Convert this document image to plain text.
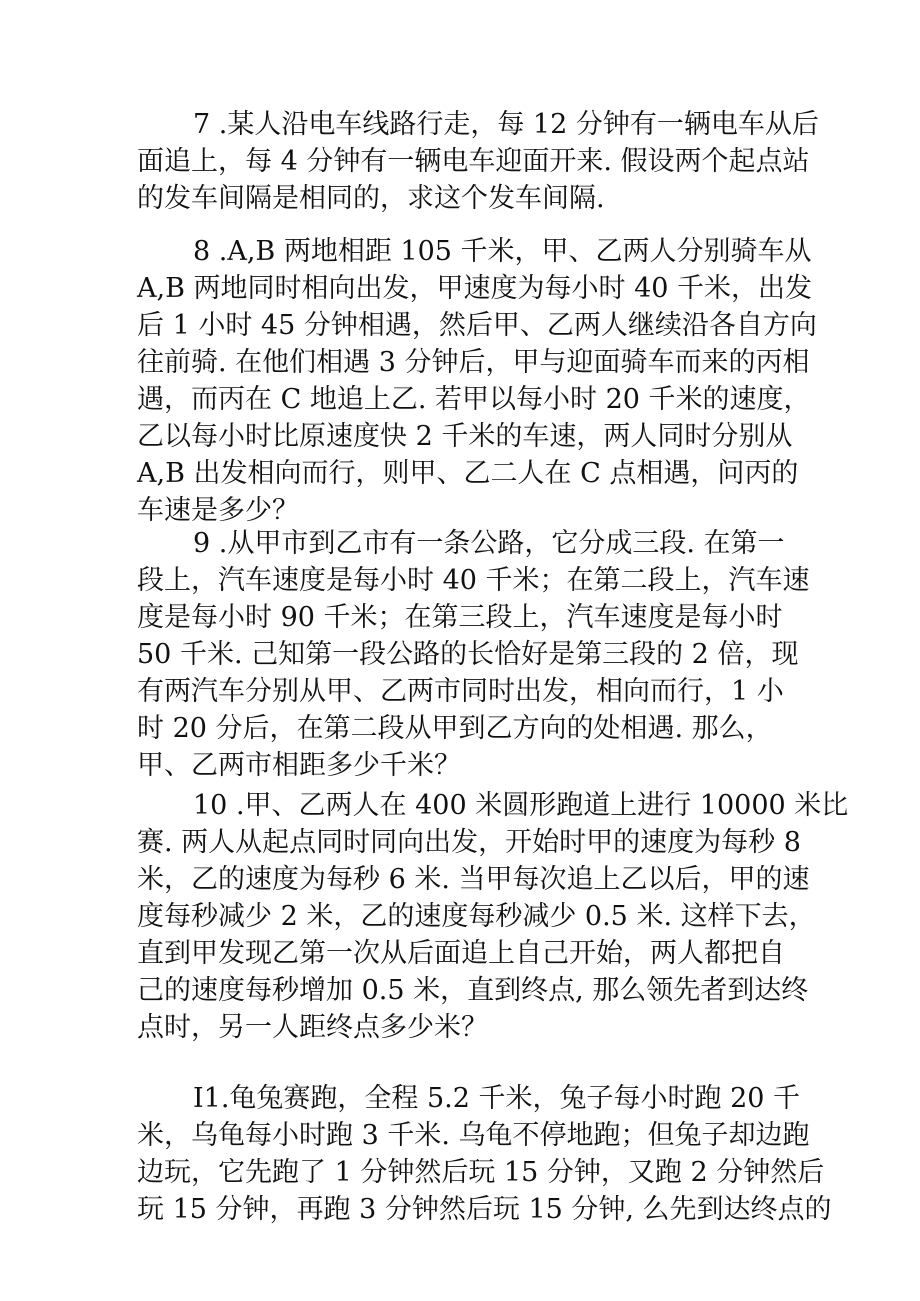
7 .某人沿电车线路行走，每 12 分钟有一辆电车从后
面追上，每 4 分钟有一辆电车迎面开来. 假设两个起点站
的发车间隔是相同的，求这个发车间隔.
8 .A,B 两地相距 105 千米，甲、乙两人分别骑车从
A,B 两地同时相向出发，甲速度为每小时 40 千米，出发
后 1 小时 45 分钟相遇，然后甲、乙两人继续沿各自方向
往前骑. 在他们相遇 3 分钟后，甲与迎面骑车而来的丙相
遇，而丙在 C 地追上乙. 若甲以每小时 20 千米的速度，
乙以每小时比原速度快 2 千米的车速，两人同时分别从
A,B 出发相向而行，则甲、乙二人在 C 点相遇，问丙的
车速是多少？
9 .从甲市到乙市有一条公路，它分成三段. 在第一
段上，汽车速度是每小时 40 千米；在第二段上，汽车速
度是每小时 90 千米；在第三段上，汽车速度是每小时
50 千米. 己知第一段公路的长恰好是第三段的 2 倍，现
有两汽车分别从甲、乙两市同时出发，相向而行，1 小
时 20 分后，在第二段从甲到乙方向的处相遇. 那么，
甲、乙两市相距多少千米？
10 .甲、乙两人在 400 米圆形跑道上进行 10000 米比
赛. 两人从起点同时同向出发，开始时甲的速度为每秒 8
米，乙的速度为每秒 6 米. 当甲每次追上乙以后，甲的速
度每秒减少 2 米，乙的速度每秒减少 0.5 米. 这样下去，
直到甲发现乙第一次从后面追上自己开始，两人都把自
己的速度每秒增加 0.5 米，直到终点, 那么领先者到达终
点时，另一人距终点多少米？
I1.龟兔赛跑，全程 5.2 千米，兔子每小时跑 20 千
米，乌龟每小时跑 3 千米. 乌龟不停地跑；但兔子却边跑
边玩，它先跑了 1 分钟然后玩 15 分钟，又跑 2 分钟然后
玩 15 分钟，再跑 3 分钟然后玩 15 分钟, 么先到达终点的
